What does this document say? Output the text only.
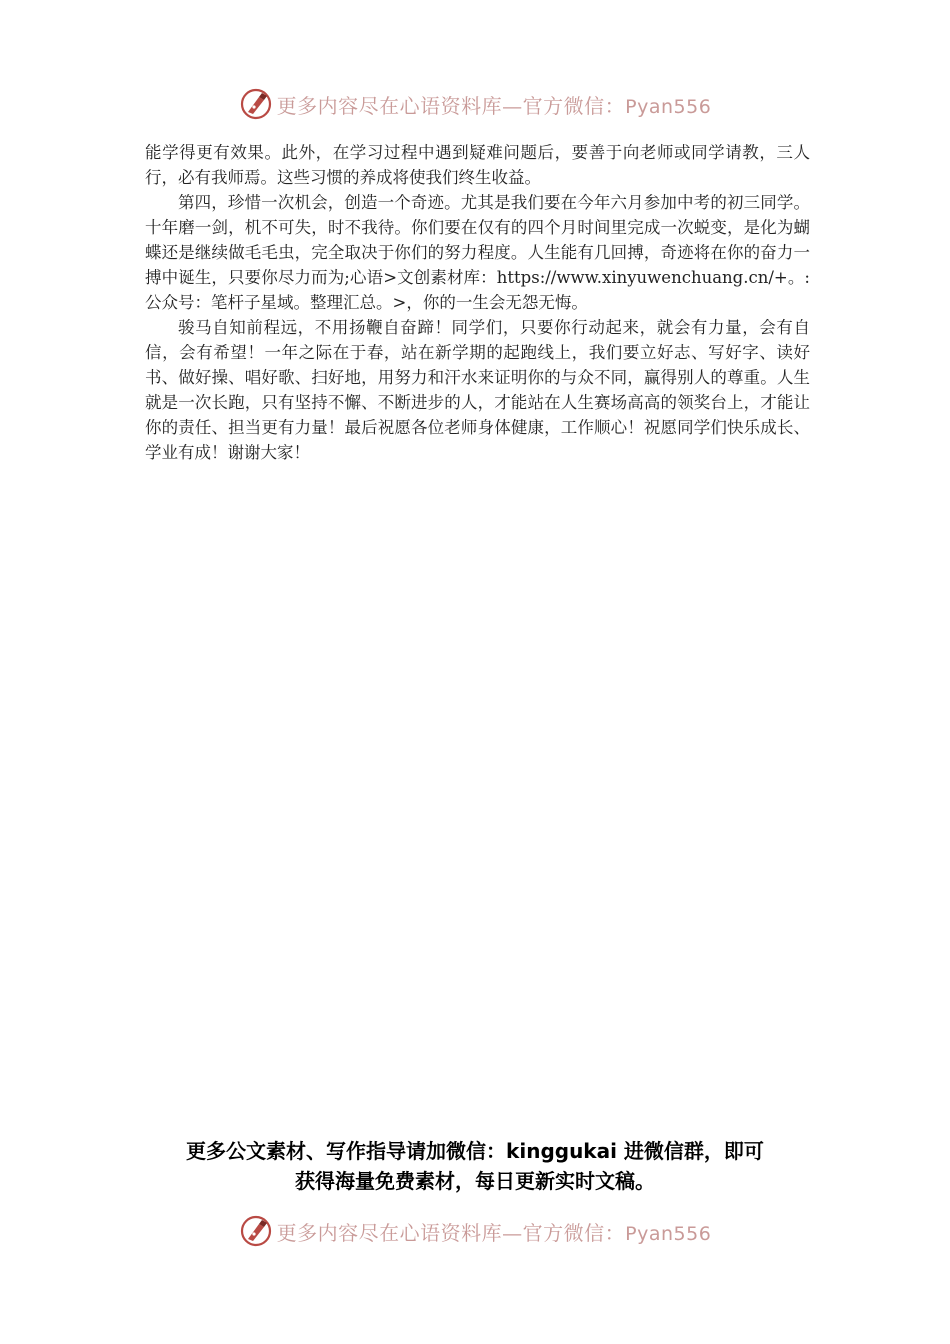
更多内容尽在心语资料库—官方微信：Pyan556

能学得更有效果。此外，在学习过程中遇到疑难问题后，要善于向老师或同学请教，三人行，必有我师焉。这些习惯的养成将使我们终生收益。

第四，珍惜一次机会，创造一个奇迹。尤其是我们要在今年六月参加中考的初三同学。十年磨一剑，机不可失，时不我待。你们要在仅有的四个月时间里完成一次蜕变，是化为蝴蝶还是继续做毛毛虫，完全取决于你们的努力程度。人生能有几回搏，奇迹将在你的奋力一搏中诞生，只要你尽力而为;心语>文创素材库：https://www.xinyuwenchuang.cn/+。:公众号：笔杆子星域。整理汇总。>，你的一生会无怨无悔。

骏马自知前程远，不用扬鞭自奋蹄！同学们，只要你行动起来，就会有力量，会有自信，会有希望！一年之际在于春，站在新学期的起跑线上，我们要立好志、写好字、读好书、做好操、唱好歌、扫好地，用努力和汗水来证明你的与众不同，赢得别人的尊重。人生就是一次长跑，只有坚持不懈、不断进步的人，才能站在人生赛场高高的领奖台上，才能让你的责任、担当更有力量！最后祝愿各位老师身体健康，工作顺心！祝愿同学们快乐成长、学业有成！谢谢大家！

更多公文素材、写作指导请加微信：kinggukai 进微信群，即可
获得海量免费素材，每日更新实时文稿。
更多内容尽在心语资料库—官方微信：Pyan556
